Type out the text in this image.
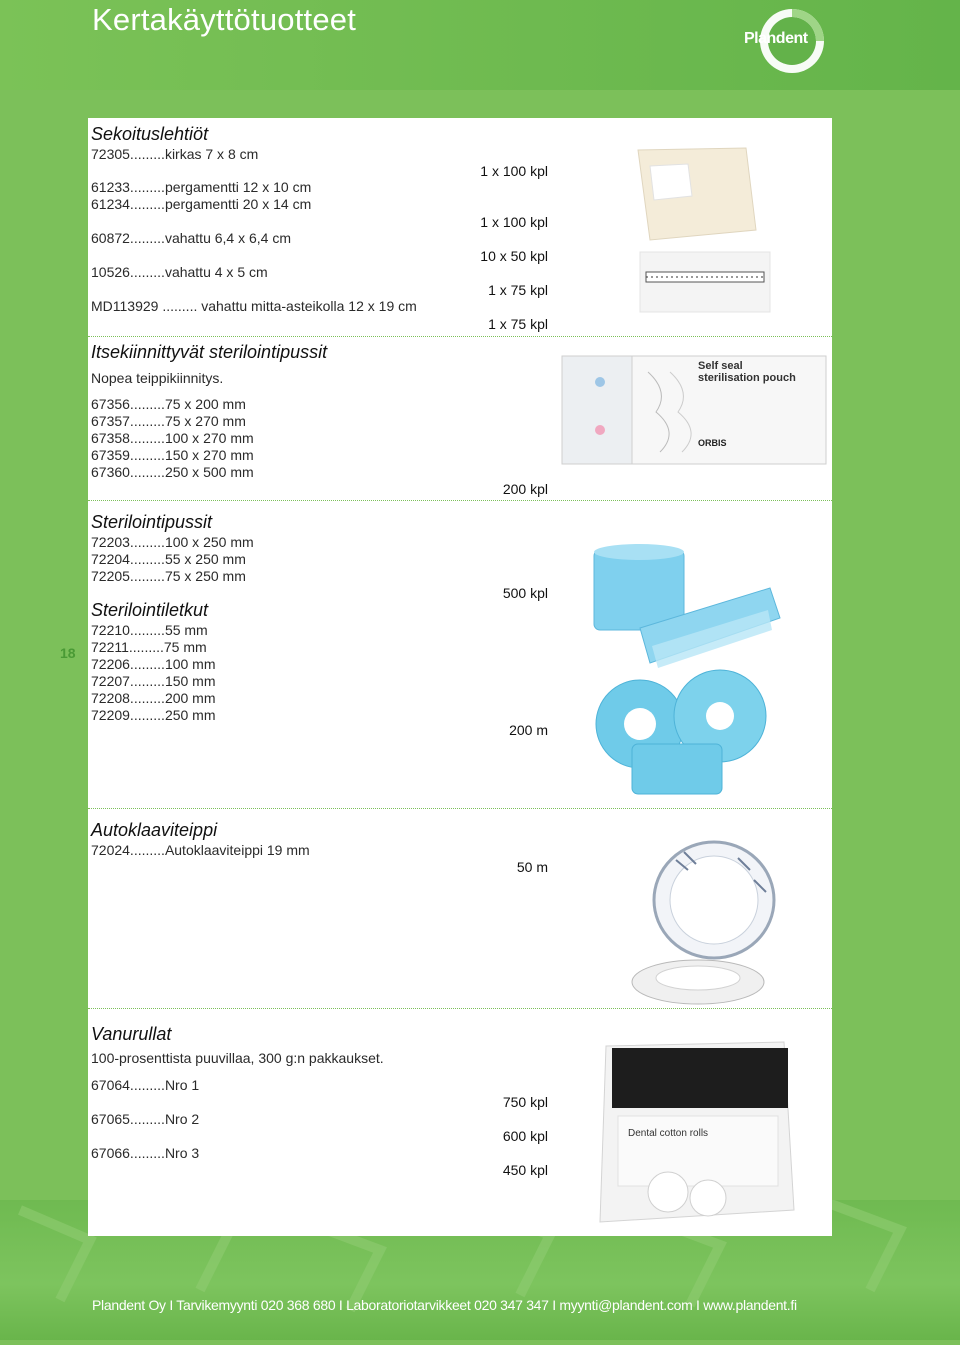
Kertakäyttötuotteet
Plandent
Sekoituslehtiöt
72305.........kirkas 7 x 8 cm
61233.........pergamentti 12 x 10 cm
61234.........pergamentti 20 x 14 cm
60872.........vahattu 6,4 x 6,4 cm
10526.........vahattu 4 x 5 cm
MD113929 ......... vahattu mitta-asteikolla 12 x 19 cm
1 x 100 kpl
1 x 100 kpl
10 x 50 kpl
1 x 75 kpl
1 x 75 kpl
Itsekiinnittyvät sterilointipussit
Nopea teippikiinnitys.
67356.........75 x 200 mm
67357.........75 x 270 mm
67358.........100 x 270 mm
67359.........150 x 270 mm
67360.........250 x 500 mm
200 kpl
Self seal
sterilisation pouch
ORBIS
Sterilointipussit
72203.........100 x 250 mm
72204.........55 x 250 mm
72205.........75 x 250 mm
500 kpl
Sterilointiletkut
72210.........55 mm
72211.........75 mm
72206.........100 mm
72207.........150 mm
72208.........200 mm
72209.........250 mm
200 m
Autoklaaviteippi
72024.........Autoklaaviteippi 19 mm
50 m
Vanurullat
100-prosenttista puuvillaa, 300 g:n pakkaukset.
67064.........Nro 1
67065.........Nro 2
67066.........Nro 3
750 kpl
600 kpl
450 kpl
Dental cotton rolls
18
Plandent Oy I Tarvikemyynti 020 368 680 I Laboratoriotarvikkeet 020 347 347 I myynti@plandent.com I www.plandent.fi
